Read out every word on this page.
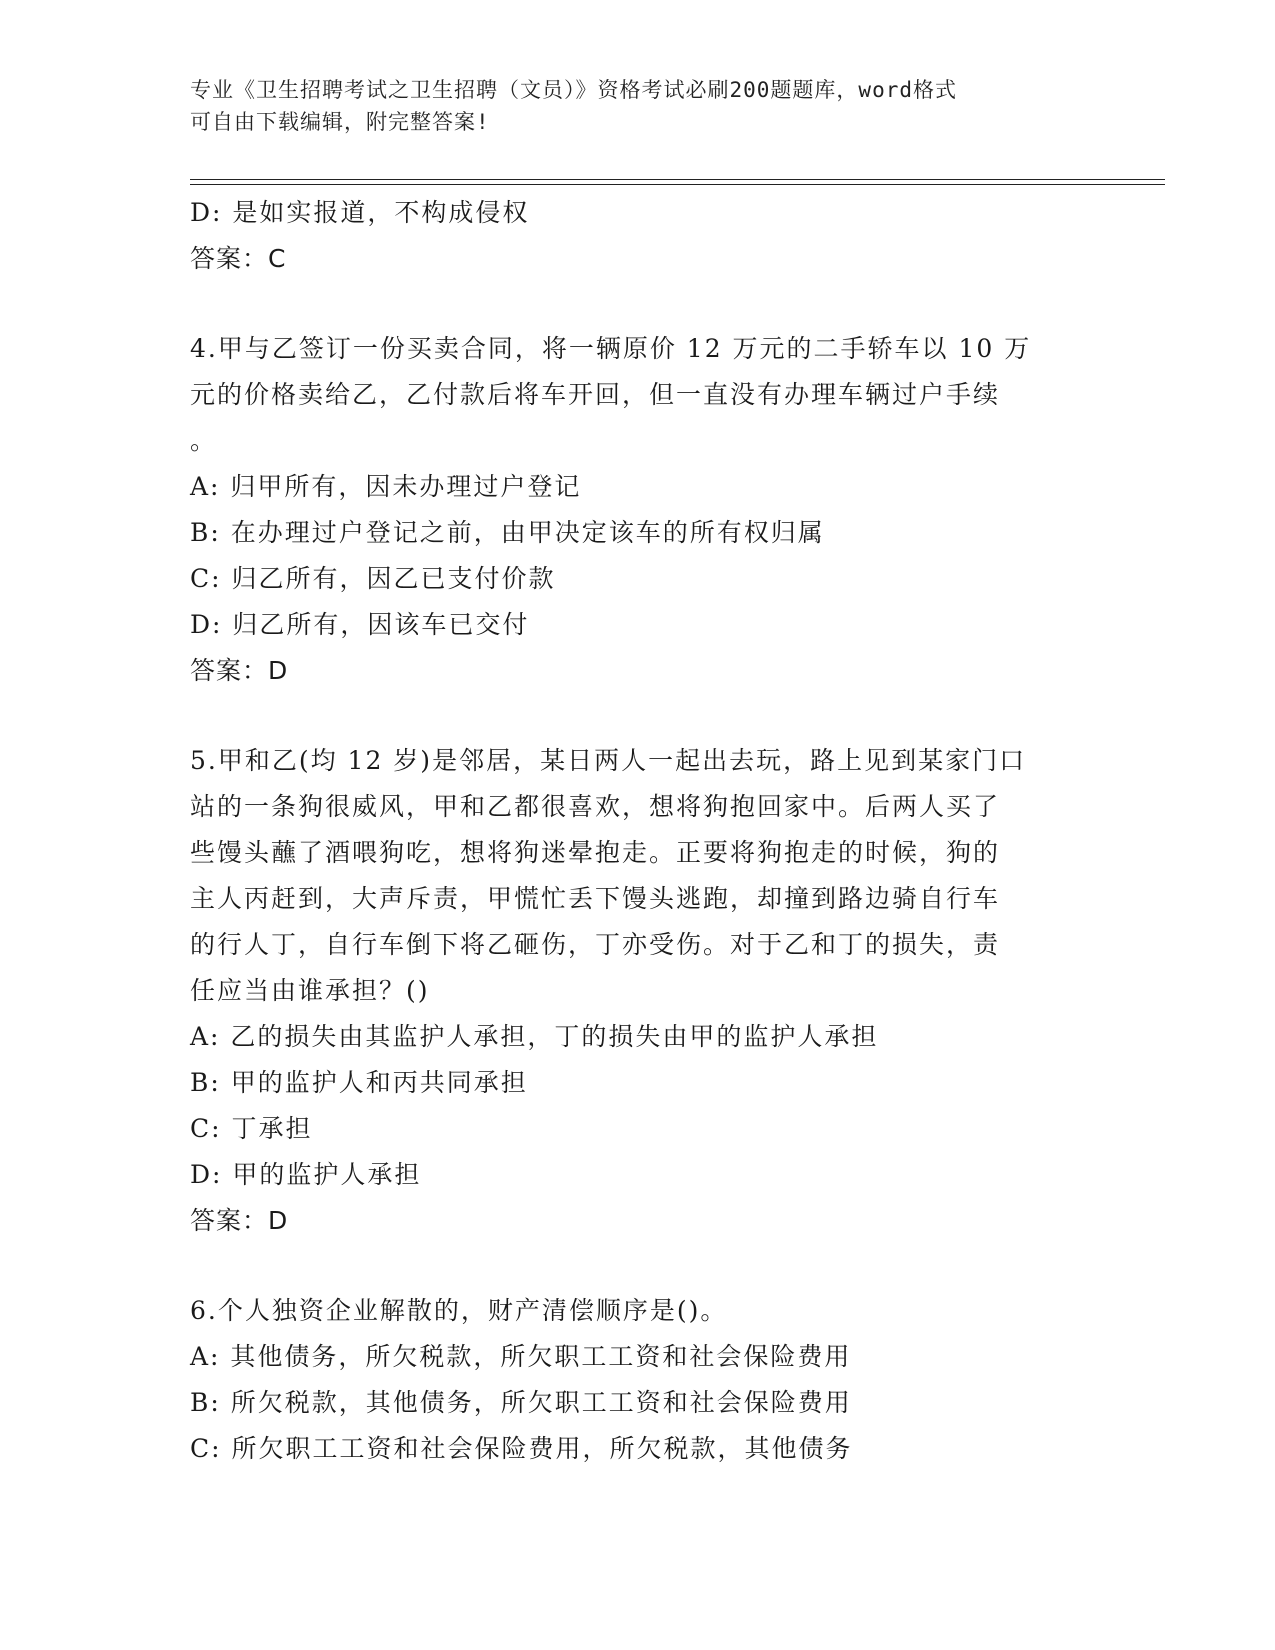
专业《卫生招聘考试之卫生招聘（文员）》资格考试必刷200题题库，word格式
可自由下载编辑，附完整答案!
D: 是如实报道，不构成侵权
答案：C
4.甲与乙签订一份买卖合同，将一辆原价 12 万元的二手轿车以 10 万
元的价格卖给乙，乙付款后将车开回，但一直没有办理车辆过户手续
。
A: 归甲所有，因未办理过户登记
B: 在办理过户登记之前，由甲决定该车的所有权归属
C: 归乙所有，因乙已支付价款
D: 归乙所有，因该车已交付
答案：D
5.甲和乙(均 12 岁)是邻居，某日两人一起出去玩，路上见到某家门口
站的一条狗很威风，甲和乙都很喜欢，想将狗抱回家中。后两人买了
些馒头蘸了酒喂狗吃，想将狗迷晕抱走。正要将狗抱走的时候，狗的
主人丙赶到，大声斥责，甲慌忙丢下馒头逃跑，却撞到路边骑自行车
的行人丁，自行车倒下将乙砸伤，丁亦受伤。对于乙和丁的损失，责
任应当由谁承担？()
A: 乙的损失由其监护人承担，丁的损失由甲的监护人承担
B: 甲的监护人和丙共同承担
C: 丁承担
D: 甲的监护人承担
答案：D
6.个人独资企业解散的，财产清偿顺序是()。
A: 其他债务，所欠税款，所欠职工工资和社会保险费用
B: 所欠税款，其他债务，所欠职工工资和社会保险费用
C: 所欠职工工资和社会保险费用，所欠税款，其他债务
